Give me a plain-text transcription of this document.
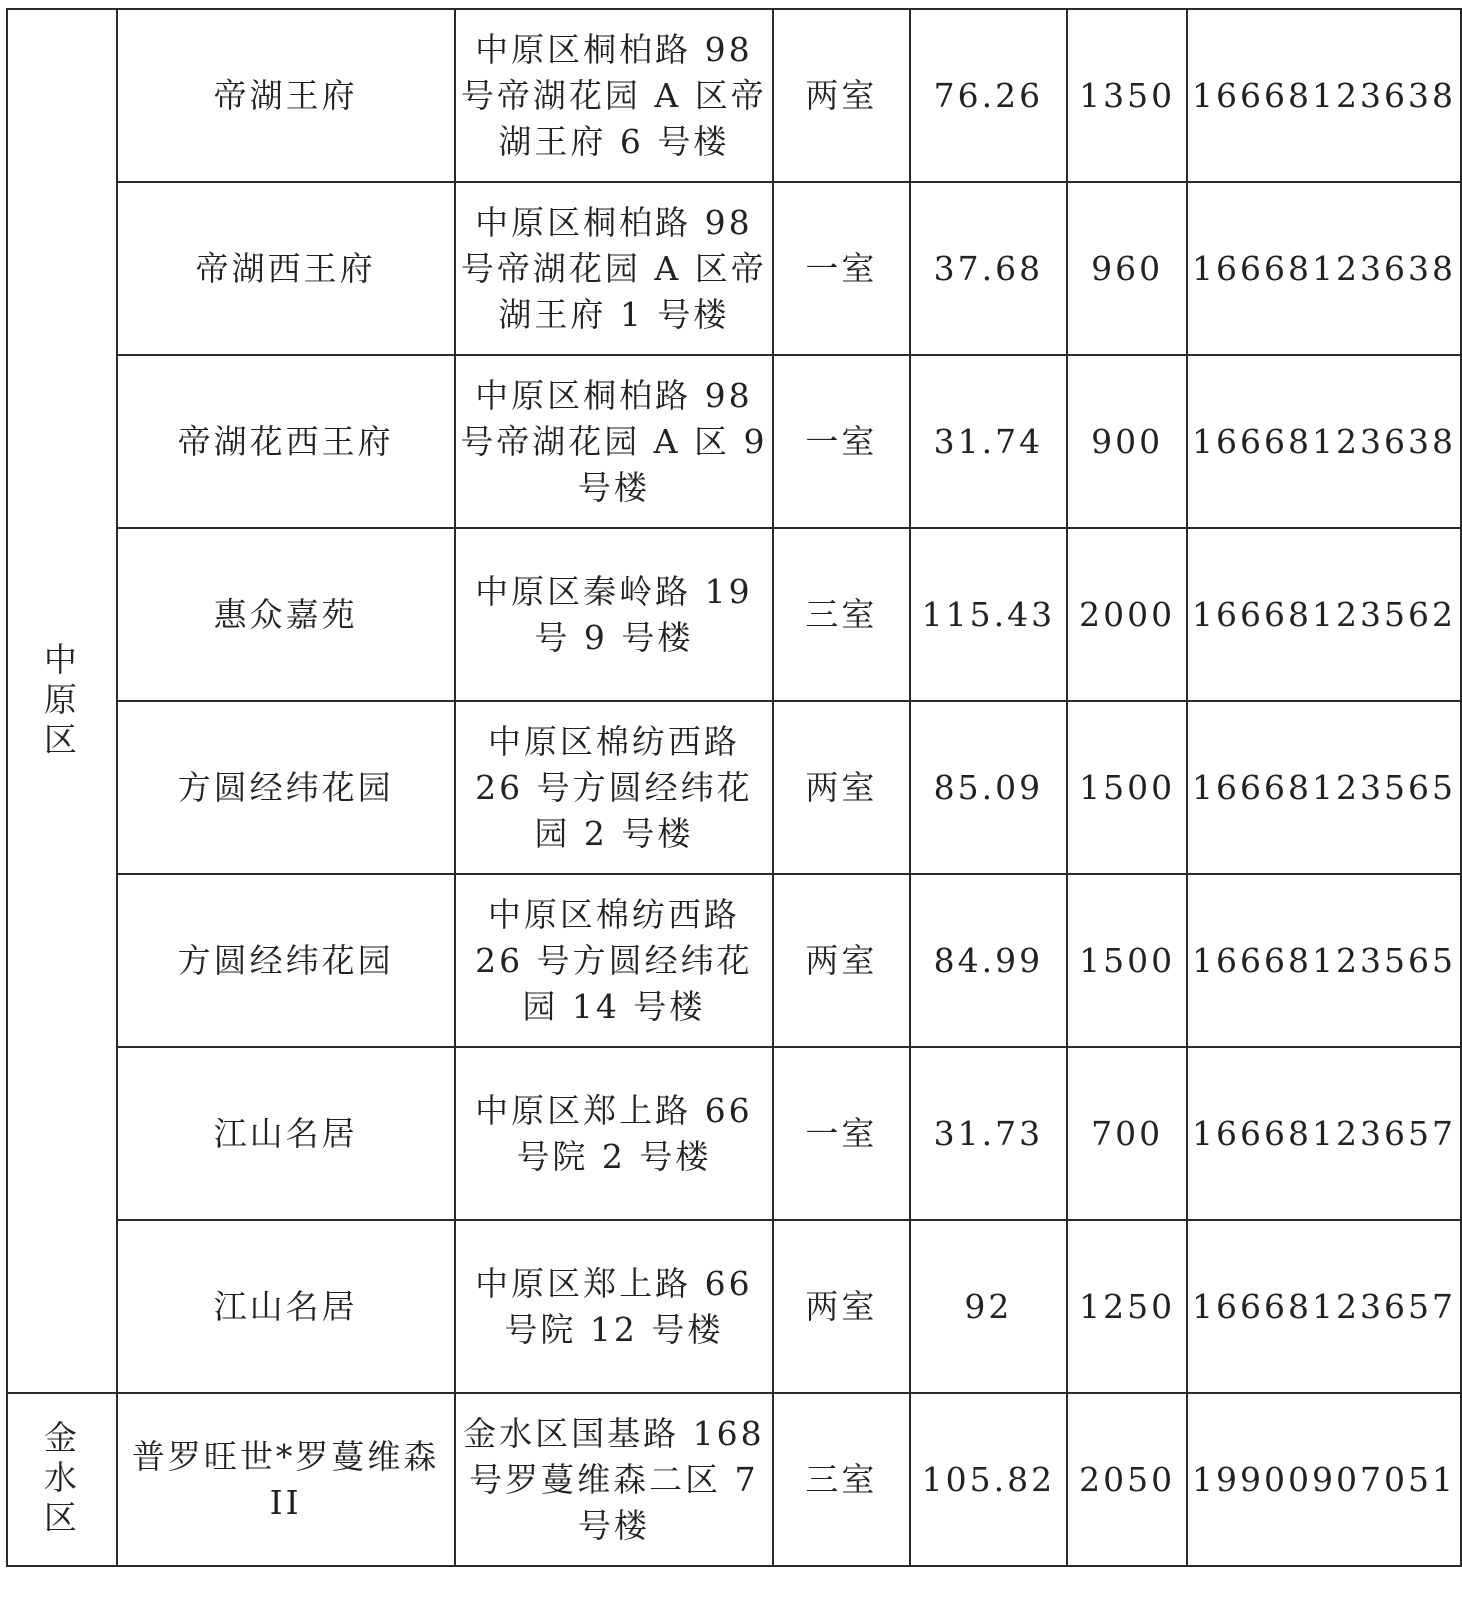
中原区	帝湖王府	中原区桐柏路 98 号帝湖花园 A 区帝湖王府 6 号楼	两室	76.26	1350	16668123638
	帝湖西王府	中原区桐柏路 98 号帝湖花园 A 区帝湖王府 1 号楼	一室	37.68	960	16668123638
	帝湖花西王府	中原区桐柏路 98 号帝湖花园 A 区 9 号楼	一室	31.74	900	16668123638
	惠众嘉苑	中原区秦岭路 19 号 9 号楼	三室	115.43	2000	16668123562
	方圆经纬花园	中原区棉纺西路 26 号方圆经纬花园 2 号楼	两室	85.09	1500	16668123565
	方圆经纬花园	中原区棉纺西路 26 号方圆经纬花园 14 号楼	两室	84.99	1500	16668123565
	江山名居	中原区郑上路 66 号院 2 号楼	一室	31.73	700	16668123657
	江山名居	中原区郑上路 66 号院 12 号楼	两室	92	1250	16668123657
金水区	普罗旺世*罗蔓维森 II	金水区国基路 168 号罗蔓维森二区 7 号楼	三室	105.82	2050	19900907051
